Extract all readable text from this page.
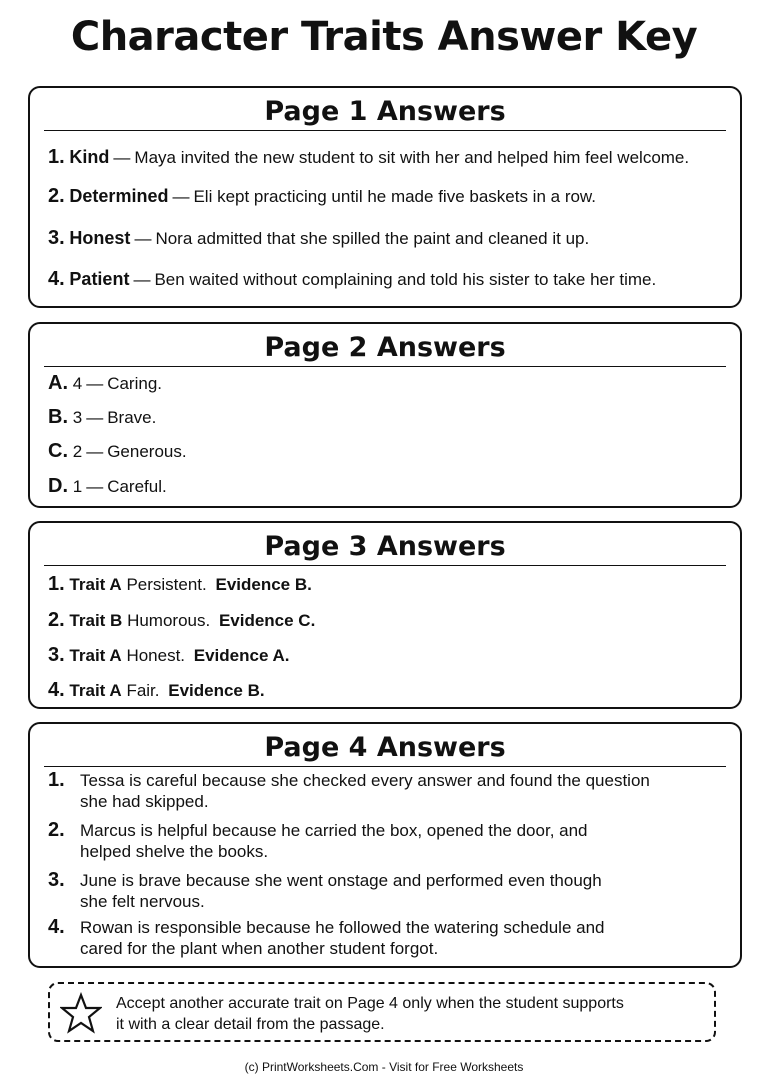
Character Traits Answer Key
Page 1 Answers
1. Kind — Maya invited the new student to sit with her and helped him feel welcome.
2. Determined — Eli kept practicing until he made five baskets in a row.
3. Honest — Nora admitted that she spilled the paint and cleaned it up.
4. Patient — Ben waited without complaining and told his sister to take her time.
Page 2 Answers
A. 4 — Caring.
B. 3 — Brave.
C. 2 — Generous.
D. 1 — Careful.
Page 3 Answers
1. Trait A Persistent. Evidence B.
2. Trait B Humorous. Evidence C.
3. Trait A Honest. Evidence A.
4. Trait A Fair. Evidence B.
Page 4 Answers
1. Tessa is careful because she checked every answer and found the question
she had skipped.
2. Marcus is helpful because he carried the box, opened the door, and
helped shelve the books.
3. June is brave because she went onstage and performed even though
she felt nervous.
4. Rowan is responsible because he followed the watering schedule and
cared for the plant when another student forgot.
Accept another accurate trait on Page 4 only when the student supports
it with a clear detail from the passage.
(c) PrintWorksheets.Com - Visit for Free Worksheets
